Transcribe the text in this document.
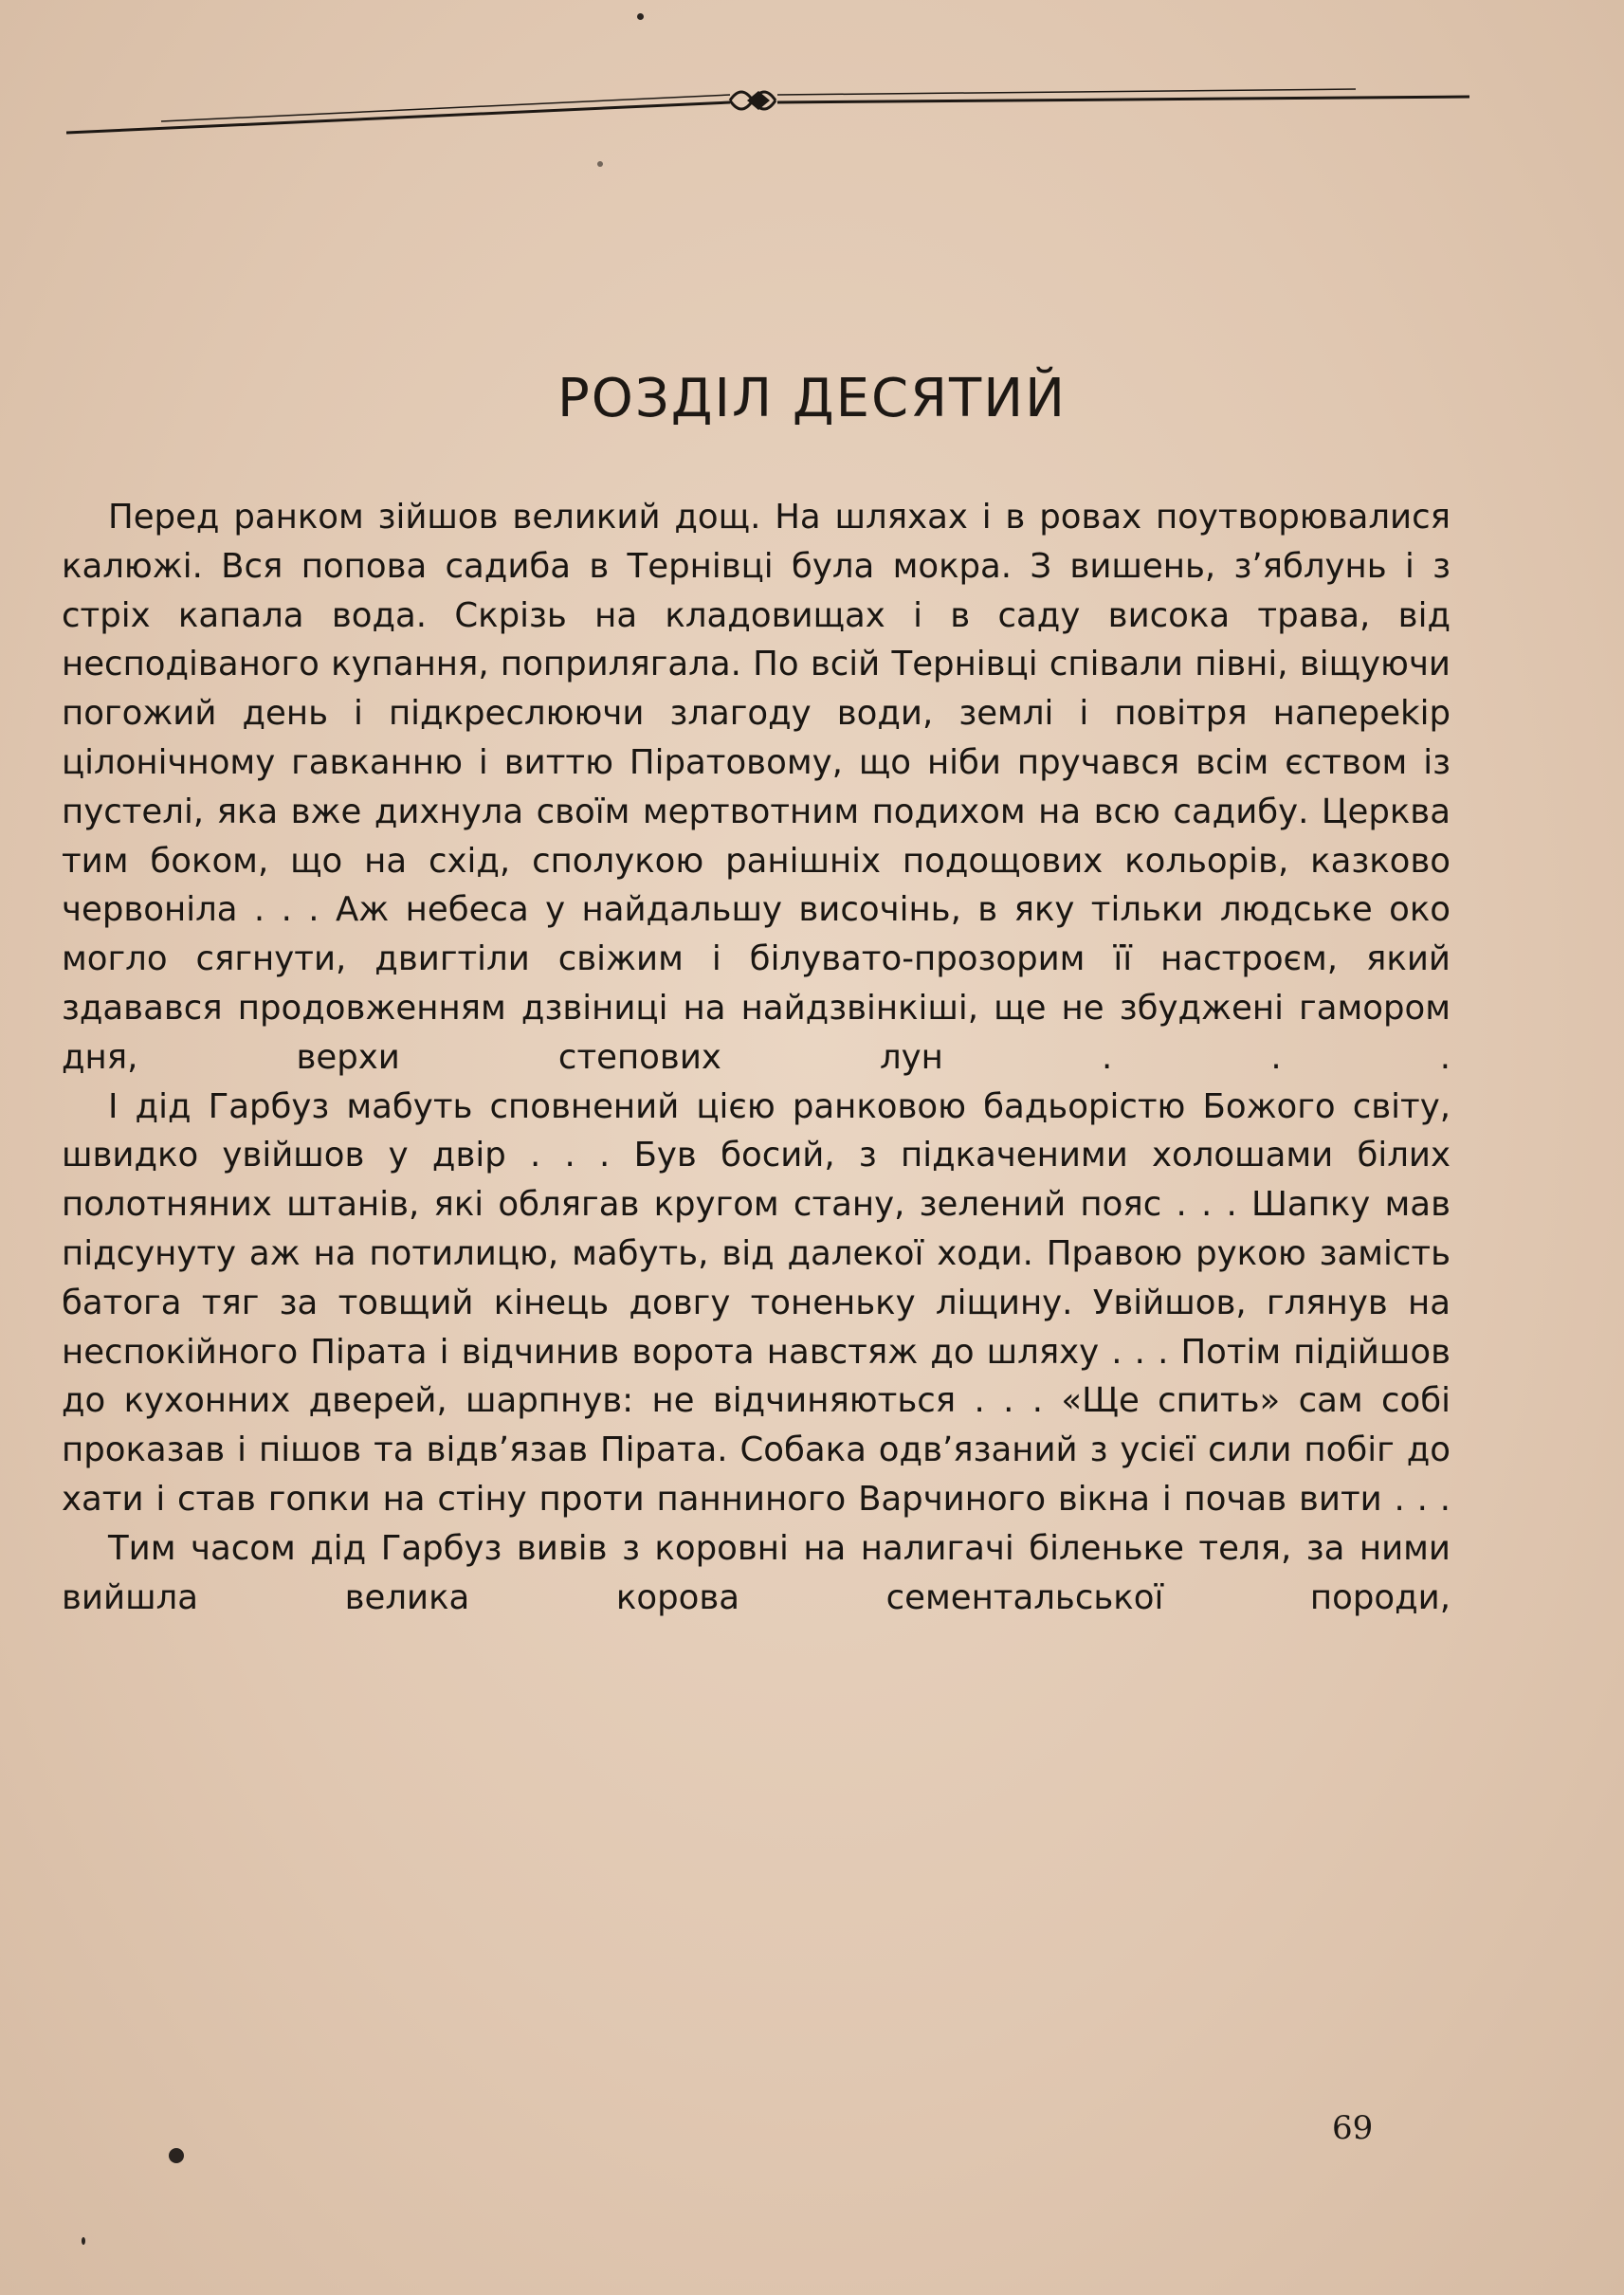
РОЗДІЛ ДЕСЯТИЙ

Перед ранком зійшов великий дощ. На шляхах і в ровах поутворювалися калюжі. Вся попова садиба в Тернівці була мокра. З вишень, з’яблунь і з стріх капала вода. Скрізь на кладовищах і в саду висока трава, від несподіваного купання, поприлягала. По всій Тернівці співали півні, віщуючи погожий день і підкреслюючи злагоду води, землі і повітря напереkір цілонічному гавканню і виттю Піратовому, що ніби пручався всім єством із пустелі, яка вже дихнула своїм мертвотним подихом на всю садибу. Церква тим боком, що на схід, сполукою ранішніх подощових кольорів, казково червоніла . . . Аж небеса у найдальшу височінь, в яку тільки людське око могло сягнути, двигтіли свіжим і білувато-прозорим її настроєм, який здавався продовженням дзвіниці на найдзвінкіші, ще не збуджені гамором дня, верхи степових лун . . .

І дід Гарбуз мабуть сповнений цією ранковою бадьорістю Божого світу, швидко увійшов у двір . . . Був босий, з підкаченими холошами білих полотняних штанів, які облягав кругом стану, зелений пояс . . . Шапку мав підсунуту аж на потилицю, мабуть, від далекої ходи. Правою рукою замість батога тяг за товщий кінець довгу тоненьку ліщину. Увійшов, глянув на неспокійного Пірата і відчинив ворота навстяж до шляху . . . Потім підійшов до кухонних дверей, шарпнув: не відчиняються . . . «Ще спить» сам собі проказав і пішов та відв’язав Пірата. Собака одв’язаний з усієї сили побіг до хати і став гопки на стіну проти панниного Варчиного вікна і почав вити . . .

Тим часом дід Гарбуз вивів з коровні на налигачі біленьке теля, за ними вийшла велика корова сементальської породи,

69
